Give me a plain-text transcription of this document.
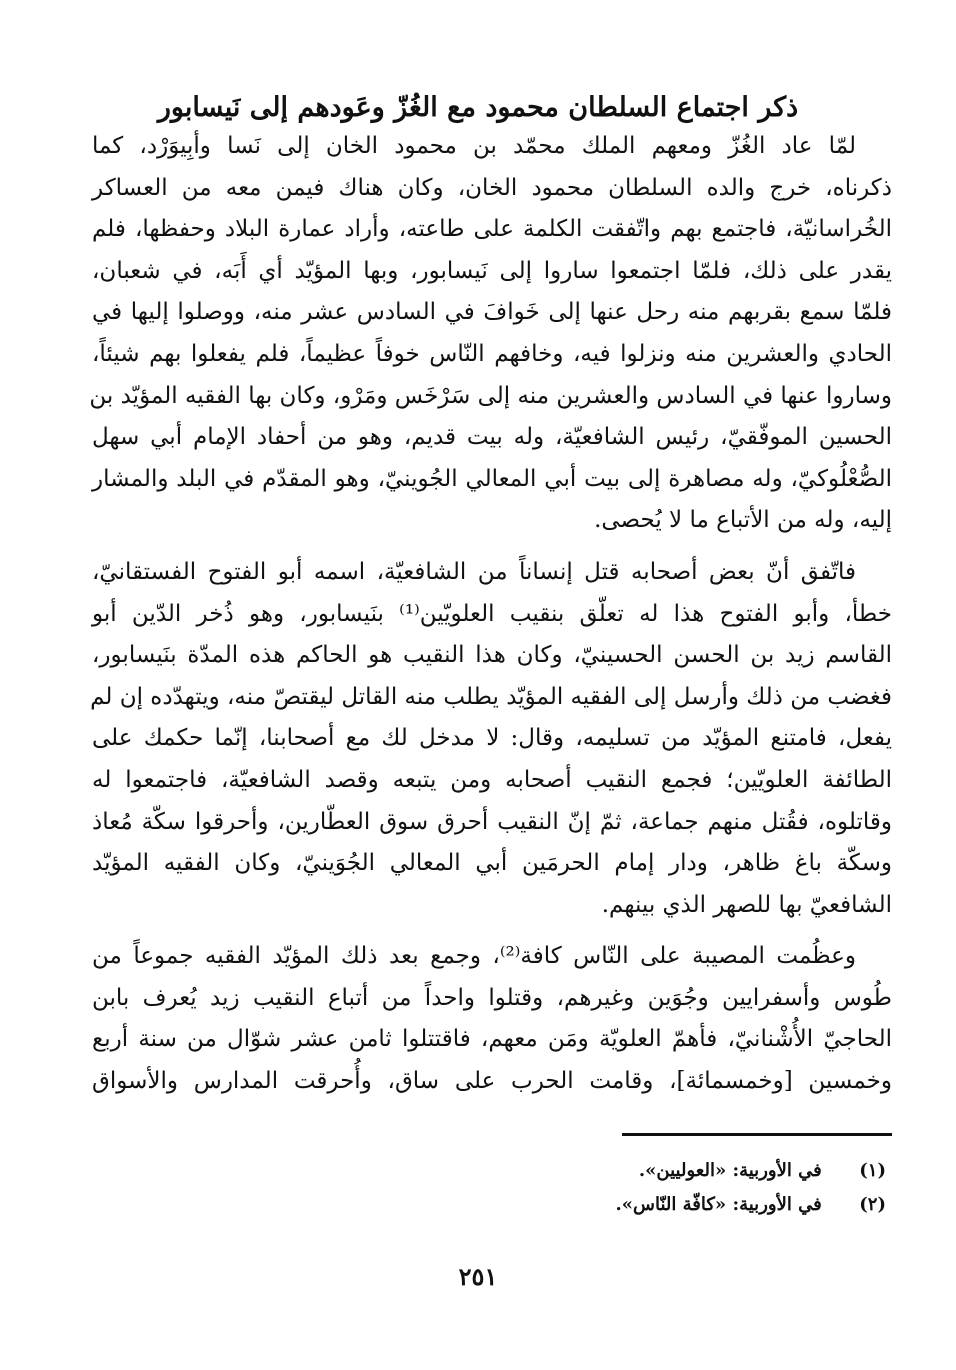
ذكر اجتماع السلطان محمود مع الغُزّ وعَودهم إلى نَيسابور

لمّا عاد الغُزّ ومعهم الملك محمّد بن محمود الخان إلى نَسا وأبِيوَرْد، كما
ذكرناه، خرج والده السلطان محمود الخان، وكان هناك فيمن معه من العساكر
الخُراسانيّة، فاجتمع بهم واتّفقت الكلمة على طاعته، وأراد عمارة البلاد وحفظها، فلم
يقدر على ذلك، فلمّا اجتمعوا ساروا إلى نَيسابور، وبها المؤيّد أي أَبَه، في شعبان،
فلمّا سمع بقربهم منه رحل عنها إلى خَوافَ في السادس عشر منه، ووصلوا إليها في
الحادي والعشرين منه ونزلوا فيه، وخافهم النّاس خوفاً عظيماً، فلم يفعلوا بهم شيئاً،
وساروا عنها في السادس والعشرين منه إلى سَرْخَس ومَرْو، وكان بها الفقيه المؤيّد بن
الحسين الموفّقيّ، رئيس الشافعيّة، وله بيت قديم، وهو من أحفاد الإمام أبي سهل
الصُّعْلُوكيّ، وله مصاهرة إلى بيت أبي المعالي الجُوينيّ، وهو المقدّم في البلد والمشار
إليه، وله من الأتباع ما لا يُحصى.

فاتّفق أنّ بعض أصحابه قتل إنساناً من الشافعيّة، اسمه أبو الفتوح الفستقانيّ،
خطأ، وأبو الفتوح هذا له تعلّق بنقيب العلويّين⁽¹⁾ بنَيسابور، وهو ذُخر الدّين أبو
القاسم زيد بن الحسن الحسينيّ، وكان هذا النقيب هو الحاكم هذه المدّة بنَيسابور،
فغضب من ذلك وأرسل إلى الفقيه المؤيّد يطلب منه القاتل ليقتصّ منه، ويتهدّده إن لم
يفعل، فامتنع المؤيّد من تسليمه، وقال: لا مدخل لك مع أصحابنا، إنّما حكمك على
الطائفة العلويّين؛ فجمع النقيب أصحابه ومن يتبعه وقصد الشافعيّة، فاجتمعوا له
وقاتلوه، فقُتل منهم جماعة، ثمّ إنّ النقيب أحرق سوق العطّارين، وأحرقوا سكّة مُعاذ
وسكّة باغ ظاهر، ودار إمام الحرمَين أبي المعالي الجُوَينيّ، وكان الفقيه المؤيّد
الشافعيّ بها للصهر الذي بينهم.

وعظُمت المصيبة على النّاس كافة⁽²⁾، وجمع بعد ذلك المؤيّد الفقيه جموعاً من
طُوس وأسفرايين وجُوَين وغيرهم، وقتلوا واحداً من أتباع النقيب زيد يُعرف بابن
الحاجيّ الأُشْنانيّ، فأهمّ العلويّة ومَن معهم، فاقتتلوا ثامن عشر شوّال من سنة أربع
وخمسين [وخمسمائة]، وقامت الحرب على ساق، وأُحرقت المدارس والأسواق

(١) في الأوربية: «العوليين».
(٢) في الأوربية: «كافّة النّاس».
٢٥١
